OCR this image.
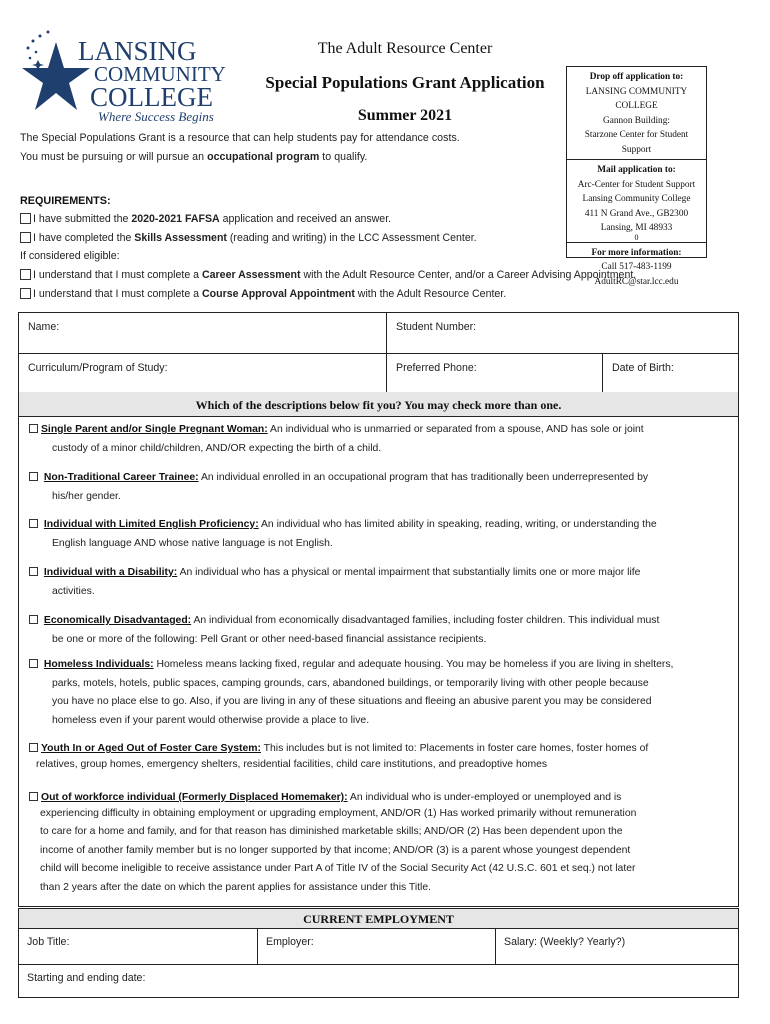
LANSING
COMMUNITY
COLLEGE
Where Success Begins
The Adult Resource Center
Special Populations Grant Application
Summer 2021
Drop off application to:
LANSING COMMUNITY COLLEGE
Gannon Building:
Starzone Center for Student Support
Mail application to:
Arc-Center for Student Support
Lansing Community College
411 N Grand Ave., GB2300
Lansing, MI 48933
0
For more information:
Call 517-483-1199
AdultRC@star.lcc.edu
The Special Populations Grant is a resource that can help students pay for attendance costs.
You must be pursuing or will pursue an occupational program to qualify.
REQUIREMENTS:
I have submitted the 2020-2021 FAFSA application and received an answer.
I have completed the Skills Assessment (reading and writing) in the LCC Assessment Center.
If considered eligible:
I understand that I must complete a Career Assessment with the Adult Resource Center, and/or a Career Advising Appointment.
I understand that I must complete a Course Approval Appointment with the Adult Resource Center.
Name:	Student Number:
Curriculum/Program of Study:	Preferred Phone:	Date of Birth:
Which of the descriptions below fit you? You may check more than one.
Single Parent and/or Single Pregnant Woman: An individual who is unmarried or separated from a spouse, AND has sole or joint
custody of a minor child/children, AND/OR expecting the birth of a child.
Non-Traditional Career Trainee: An individual enrolled in an occupational program that has traditionally been underrepresented by
his/her gender.
Individual with Limited English Proficiency: An individual who has limited ability in speaking, reading, writing, or understanding the
English language AND whose native language is not English.
Individual with a Disability: An individual who has a physical or mental impairment that substantially limits one or more major life
activities.
Economically Disadvantaged: An individual from economically disadvantaged families, including foster children. This individual must
be one or more of the following: Pell Grant or other need-based financial assistance recipients.
Homeless Individuals: Homeless means lacking fixed, regular and adequate housing. You may be homeless if you are living in shelters,
parks, motels, hotels, public spaces, camping grounds, cars, abandoned buildings, or temporarily living with other people because
you have no place else to go. Also, if you are living in any of these situations and fleeing an abusive parent you may be considered
homeless even if your parent would otherwise provide a place to live.
Youth In or Aged Out of Foster Care System: This includes but is not limited to: Placements in foster care homes, foster homes of
relatives, group homes, emergency shelters, residential facilities, child care institutions, and preadoptive homes
Out of workforce individual (Formerly Displaced Homemaker): An individual who is under-employed or unemployed and is
experiencing difficulty in obtaining employment or upgrading employment, AND/OR (1) Has worked primarily without remuneration
to care for a home and family, and for that reason has diminished marketable skills; AND/OR (2) Has been dependent upon the
income of another family member but is no longer supported by that income; AND/OR (3) is a parent whose youngest dependent
child will become ineligible to receive assistance under Part A of Title IV of the Social Security Act (42 U.S.C. 601 et seq.) not later
than 2 years after the date on which the parent applies for assistance under this Title.
CURRENT EMPLOYMENT
Job Title:	Employer:	Salary: (Weekly? Yearly?)
Starting and ending date:
